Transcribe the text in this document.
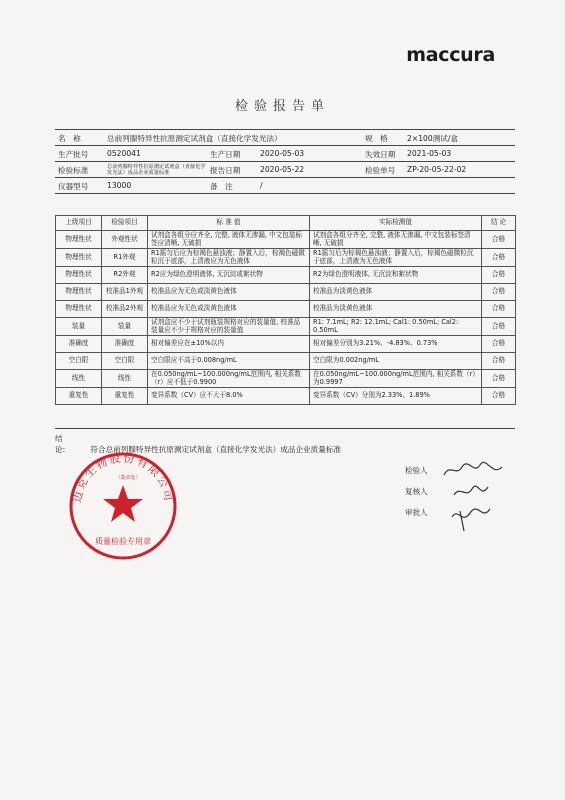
maccura
检验报告单
名　称	总前列腺特异性抗原测定试剂盒（直接化学发光法）	规　格	2×100测试/盒
生产批号 0520041	生产日期	2020-05-03	失效日期 2021-05-03
检验标准	总前列腺特异性抗原测定试剂盒（直接化学发光法）成品企业质量标准	报告日期	2020-05-22	检验单号 ZP-20-05-22-02
仪器型号 13000	备　注	/
上级项目	检验项目	标 准 值	实际检测值	结 论
物理性状	外观性状	试剂盒各组分应齐全, 完整, 液体无渗漏, 中文包装标签应清晰, 无破损	试剂盒各组分齐全, 完整, 液体无渗漏, 中文包装标签清晰, 无破损	合格
物理性状	R1外观	R1摇匀后应为棕褐色悬浊液；静置入后，棕褐色磁微粒沉于底部，上清液应为无色液体	R1摇匀后为棕褐色悬浊液；静置入后，棕褐色磁微粒沉于底部，上清液为无色液体	合格
物理性状	R2外观	R2应为绿色澄明液体, 无沉淀或絮状物	R2为绿色澄明液体, 无沉淀和絮状物	合格
物理性状	校准品1外观	校准品应为无色或淡黄色液体	校准品为淡黄色液体	合格
物理性状	校准品2外观	校准品应为无色或淡黄色液体	校准品为淡黄色液体	合格
装量	装量	试剂盒应不少于试剂瓶装规格对应的装量值, 校准品装量应不少于规格对应的装量值	R1: 7.1mL; R2: 12.1mL; Cal1: 0.50mL; Cal2: 0.50mL	合格
准确度	准确度	相对偏差应在±10%以内	相对偏差分别为3.21%、-4.83%、0.73%	合格
空白限	空白限	空白限应不高于0.008ng/mL	空白限为0.002ng/mL	合格
线性	线性	在0.050ng/mL~100.000ng/mL范围内, 相关系数（r）应不低于0.9900	在0.050ng/mL~100.000ng/mL范围内, 相关系数（r）为0.9997	合格
重复性	重复性	变异系数（CV）应不大于8.0%	变异系数（CV）分别为2.33%、1.89%	合格
结　论:	符合总前列腺特异性抗原测定试剂盒（直接化学发光法）成品企业质量标准
迈克生物股份有限公司
（蓋章处）
质量检验专用章
检验人
复核人
审批人
